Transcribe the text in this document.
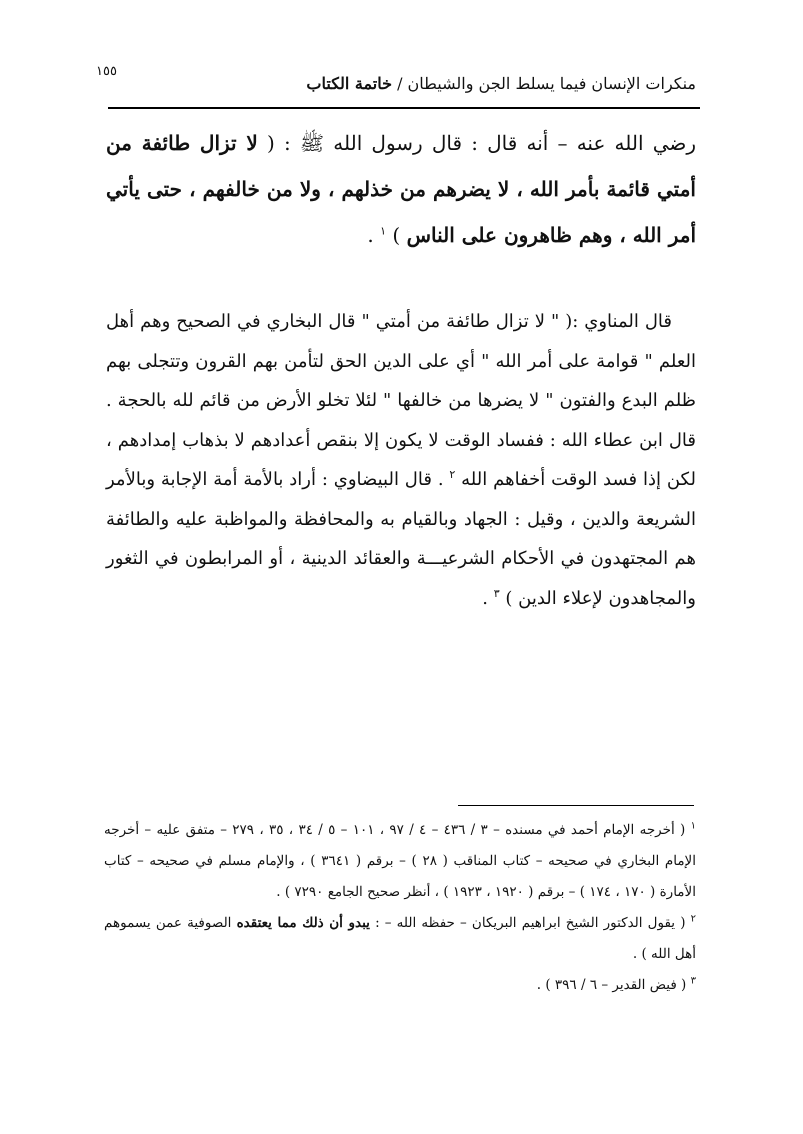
١٥٥
منكرات الإنسان فيما يسلط الجن والشيطان / خاتمة الكتاب
رضي الله عنه – أنه قال : قال رسول الله ﷺ : ( لا تزال طائفة من أمتي قائمة بأمر الله ، لا يضرهم من خذلهم ، ولا من خالفهم ، حتى يأتي أمر الله ، وهم ظاهرون على الناس ) $^١$ .
قال المناوي :( " لا تزال طائفة من أمتي " قال البخاري في الصحيح وهم أهل العلم " قوامة على أمر الله " أي على الدين الحق لتأمن بهم القرون وتتجلى بهم ظلم البدع والفتون " لا يضرها من خالفها " لئلا تخلو الأرض من قائم لله بالحجة . قال ابن عطاء الله : ففساد الوقت لا يكون إلا بنقص أعدادهم لا بذهاب إمدادهم ، لكن إذا فسد الوقت أخفاهم الله $^٢$ . قال البيضاوي : أراد بالأمة أمة الإجابة وبالأمر الشريعة والدين ، وقيل : الجهاد وبالقيام به والمحافظة والمواظبة عليه والطائفة هم المجتهدون في الأحكام الشرعيـــة والعقائد الدينية ، أو المرابطون في الثغور والمجاهدون لإعلاء الدين ) $^٣$ .

$^١$ ( أخرجه الإمام أحمد في مسنده – ٣ / ٤٣٦ – ٤ / ٩٧ ، ١٠١ – ٥ / ٣٤ ، ٣٥ ، ٢٧٩ – متفق عليه – أخرجه الإمام البخاري في صحيحه – كتاب المناقب ( ٢٨ ) – برقم ( ٣٦٤١ ) ، والإمام مسلم في صحيحه – كتاب الأمارة ( ١٧٠ ، ١٧٤ ) – برقم ( ١٩٢٠ ، ١٩٢٣ ) ، أنظر صحيح الجامع ٧٢٩٠ ) .

$^٢$ ( يقول الدكتور الشيخ ابراهيم البريكان – حفظه الله – : يبدو أن ذلك مما يعتقده الصوفية عمن يسموهم أهل الله ) .

$^٣$ ( فيض القدير – ٦ / ٣٩٦ ) .
